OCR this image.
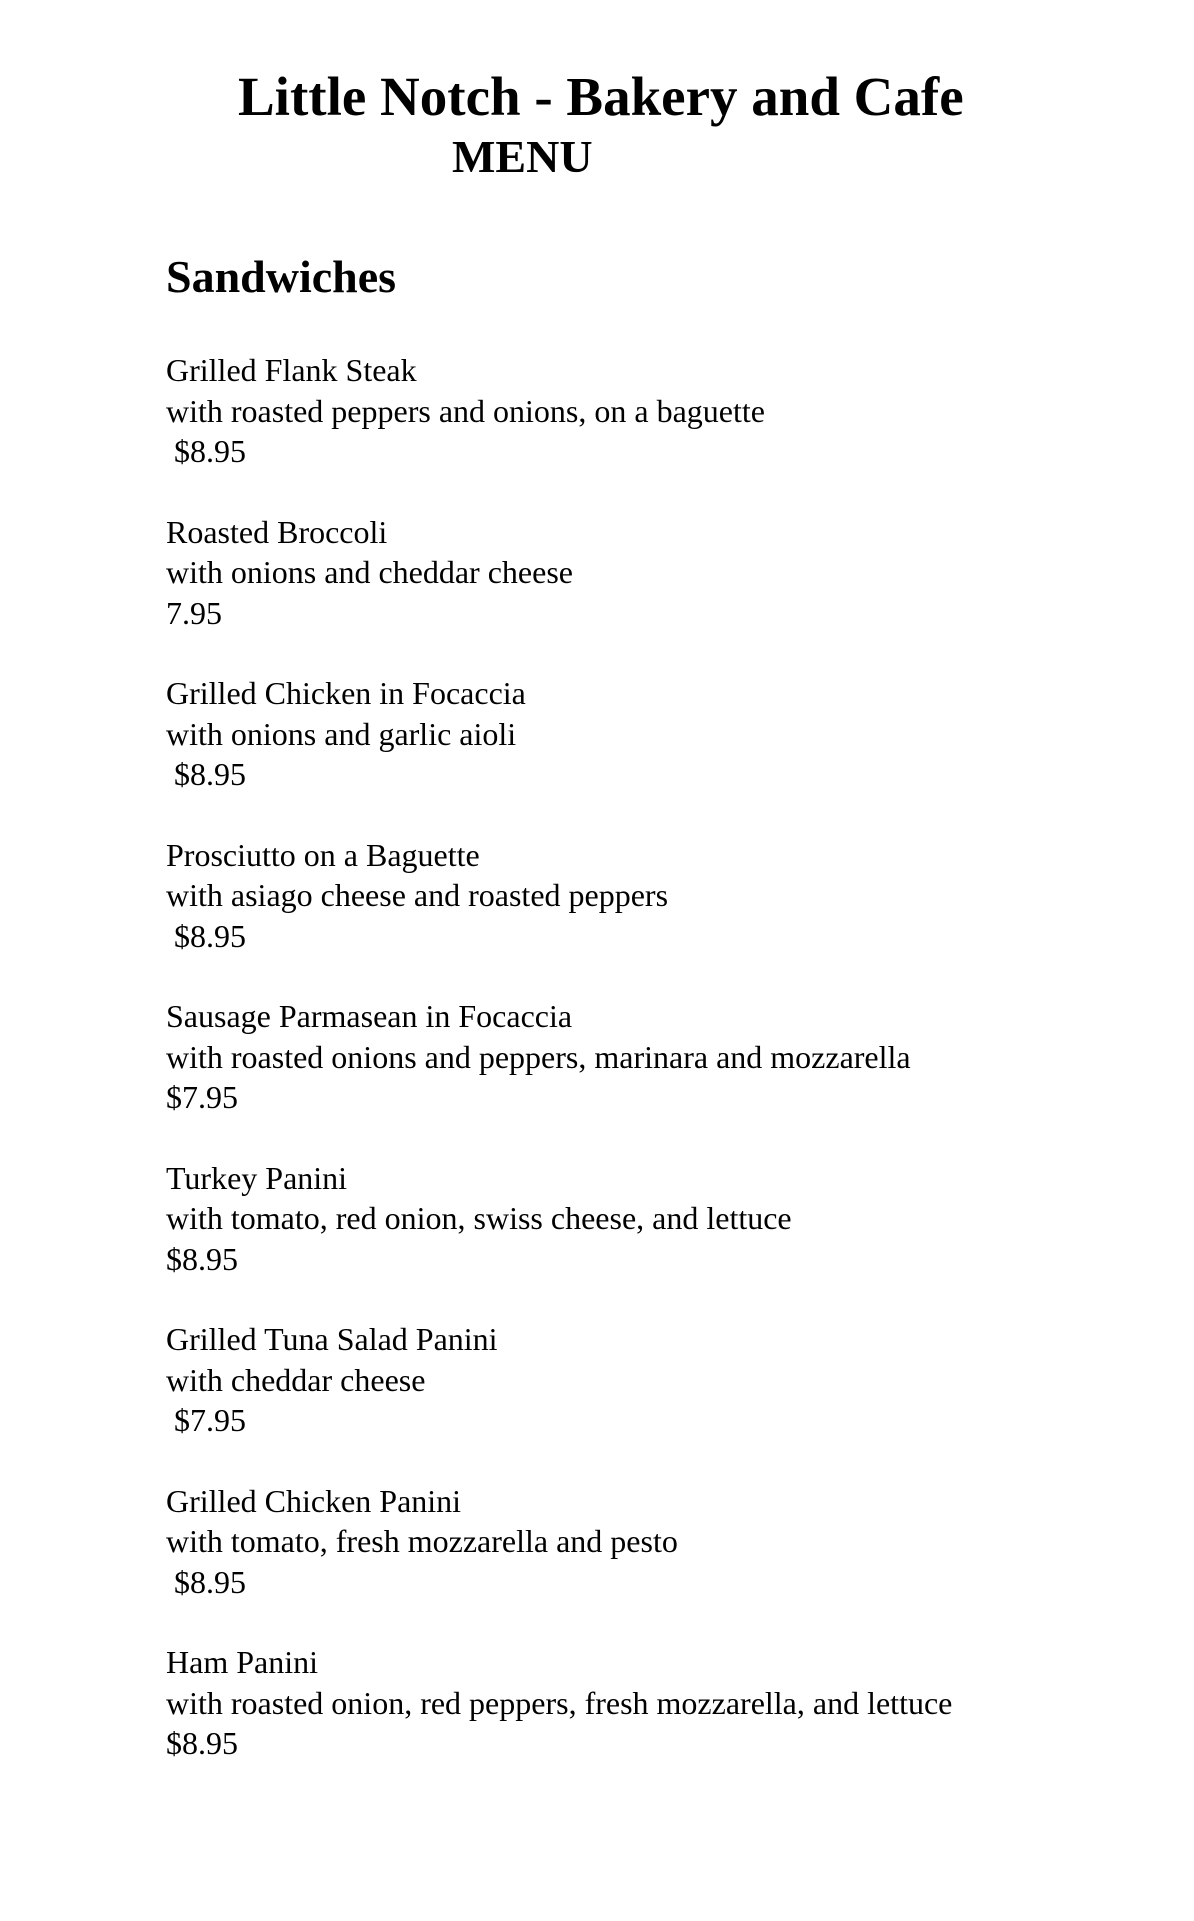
Little Notch - Bakery and Cafe
MENU
Sandwiches
Grilled Flank Steak
with roasted peppers and onions, on a baguette
$8.95
Roasted Broccoli
with onions and cheddar cheese
7.95
Grilled Chicken in Focaccia
with onions and garlic aioli
$8.95
Prosciutto on a Baguette
with asiago cheese and roasted peppers
$8.95
Sausage Parmasean in Focaccia
with roasted onions and peppers, marinara and mozzarella
$7.95
Turkey Panini
with tomato, red onion, swiss cheese, and lettuce
$8.95
Grilled Tuna Salad Panini
with cheddar cheese
$7.95
Grilled Chicken Panini
with tomato, fresh mozzarella and pesto
$8.95
Ham Panini
with roasted onion, red peppers, fresh mozzarella, and lettuce
$8.95
